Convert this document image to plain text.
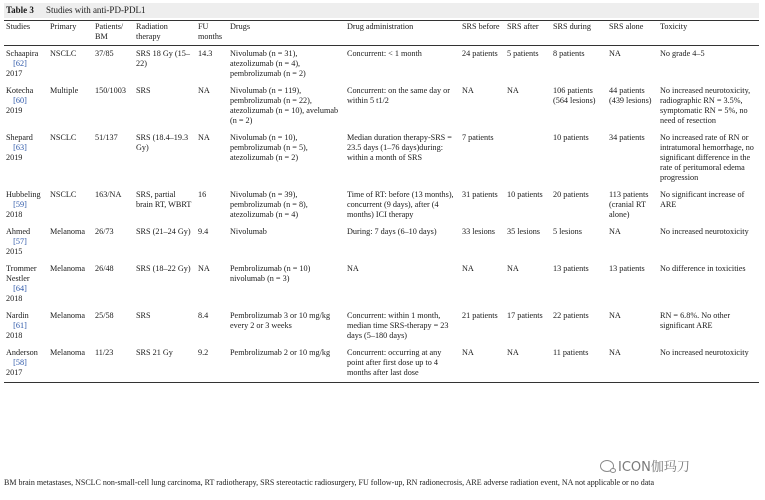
Table 3 Studies with anti-PD-PDL1
Studies	Primary	Patients/ BM	Radiation therapy	FU months	Drugs	Drug administration	SRS before	SRS after	SRS during	SRS alone	Toxicity

Schaapira
[62]
2017	NSCLC	37/85	SRS 18 Gy (15–22)	14.3	Nivolumab (n = 31), atezolizumab (n = 4), pembrolizumab (n = 2)	Concurrent: < 1 month	24 patients	5 patients	8 patients	NA	No grade 4–5

Kotecha
[60]
2019	Multiple	150/1003	SRS	NA	Nivolumab (n = 119), pembrolizumab (n = 22), atezolizumab (n = 10), avelumab (n = 2)	Concurrent: on the same day or within 5 t1/2	NA	NA	106 patients (564 lesions)	44 patients (439 lesions)	No increased neurotoxicity, radiographic RN = 3.5%, symptomatic RN = 5%, no need of resection

Shepard
[63]
2019	NSCLC	51/137	SRS (18.4–19.3 Gy)	NA	Nivolumab (n = 10), pembrolizumab (n = 5), atezolizumab (n = 2)	Median duration therapy-SRS = 23.5 days (1–76 days)during: within a month of SRS	7 patients		10 patients	34 patients	No increased rate of RN or intratumoral hemorrhage, no significant difference in the rate of peritumoral edema progression

Hubbeling
[59]
2018	NSCLC	163/NA	SRS, partial brain RT, WBRT	16	Nivolumab (n = 39), pembrolizumab (n = 8), atezolizumab (n = 4)	Time of RT: before (13 months), concurrent (9 days), after (4 months) ICI therapy	31 patients	10 patients	20 patients	113 patients (cranial RT alone)	No significant increase of ARE

Ahmed
[57]
2015	Melanoma	26/73	SRS (21–24 Gy)	9.4	Nivolumab	During: 7 days (6–10 days)	33 lesions	35 lesions	5 lesions	NA	No increased neurotoxicity

Trommer Nestler
[64]
2018	Melanoma	26/48	SRS (18–22 Gy)	NA	Pembrolizumab (n = 10) nivolumab (n = 3)	NA	NA	NA	13 patients	13 patients	No difference in toxicities

Nardin
[61]
2018	Melanoma	25/58	SRS	8.4	Pembrolizumab 3 or 10 mg/kg every 2 or 3 weeks	Concurrent: within 1 month, median time SRS-therapy = 23 days (5–180 days)	21 patients	17 patients	22 patients	NA	RN = 6.8%. No other significant ARE

Anderson
[58]
2017	Melanoma	11/23	SRS 21 Gy	9.2	Pembrolizumab 2 or 10 mg/kg	Concurrent: occurring at any point after first dose up to 4 months after last dose	NA	NA	11 patients	NA	No increased neurotoxicity
ICON伽玛刀
BM brain metastases, NSCLC non-small-cell lung carcinoma, RT radiotherapy, SRS stereotactic radiosurgery, FU follow-up, RN radionecrosis, ARE adverse radiation event, NA not applicable or no data
